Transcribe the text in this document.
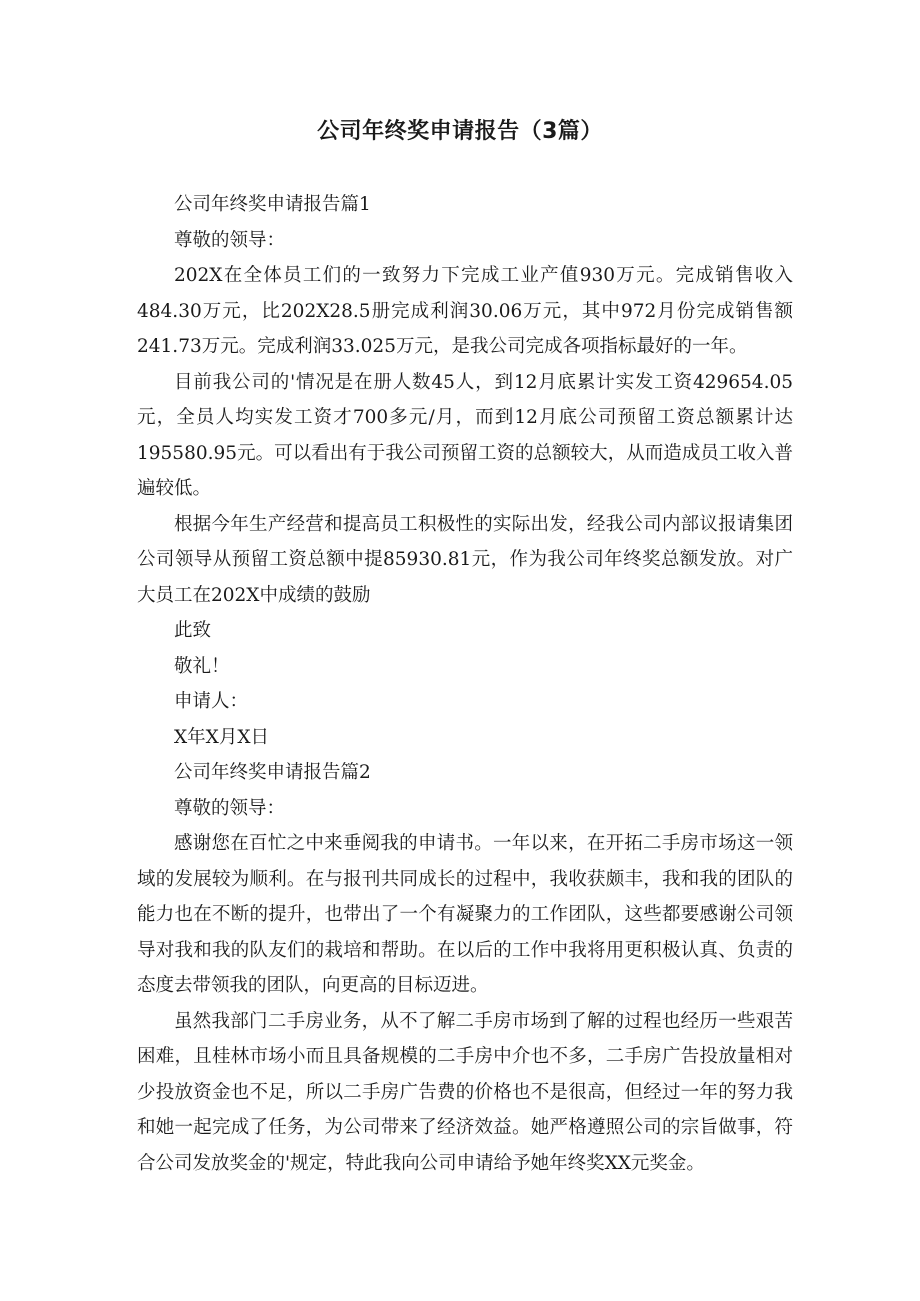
公司年终奖申请报告（3篇）

公司年终奖申请报告篇1

尊敬的领导：

202X在全体员工们的一致努力下完成工业产值930万元。完成销售收入484.30万元，比202X28.5册完成利润30.06万元，其中972月份完成销售额241.73万元。完成利润33.025万元，是我公司完成各项指标最好的一年。

目前我公司的'情况是在册人数45人，到12月底累计实发工资429654.05元，全员人均实发工资才700多元/月，而到12月底公司预留工资总额累计达195580.95元。可以看出有于我公司预留工资的总额较大，从而造成员工收入普遍较低。

根据今年生产经营和提高员工积极性的实际出发，经我公司内部议报请集团公司领导从预留工资总额中提85930.81元，作为我公司年终奖总额发放。对广大员工在202X中成绩的鼓励

此致

敬礼！

申请人：

X年X月X日

公司年终奖申请报告篇2

尊敬的领导：

感谢您在百忙之中来垂阅我的申请书。一年以来，在开拓二手房市场这一领域的发展较为顺利。在与报刊共同成长的过程中，我收获颇丰，我和我的团队的能力也在不断的提升，也带出了一个有凝聚力的工作团队，这些都要感谢公司领导对我和我的队友们的栽培和帮助。在以后的工作中我将用更积极认真、负责的态度去带领我的团队，向更高的目标迈进。

虽然我部门二手房业务，从不了解二手房市场到了解的过程也经历一些艰苦困难，且桂林市场小而且具备规模的二手房中介也不多，二手房广告投放量相对少投放资金也不足，所以二手房广告费的价格也不是很高，但经过一年的努力我和她一起完成了任务，为公司带来了经济效益。她严格遵照公司的宗旨做事，符合公司发放奖金的'规定，特此我向公司申请给予她年终奖XX元奖金。
